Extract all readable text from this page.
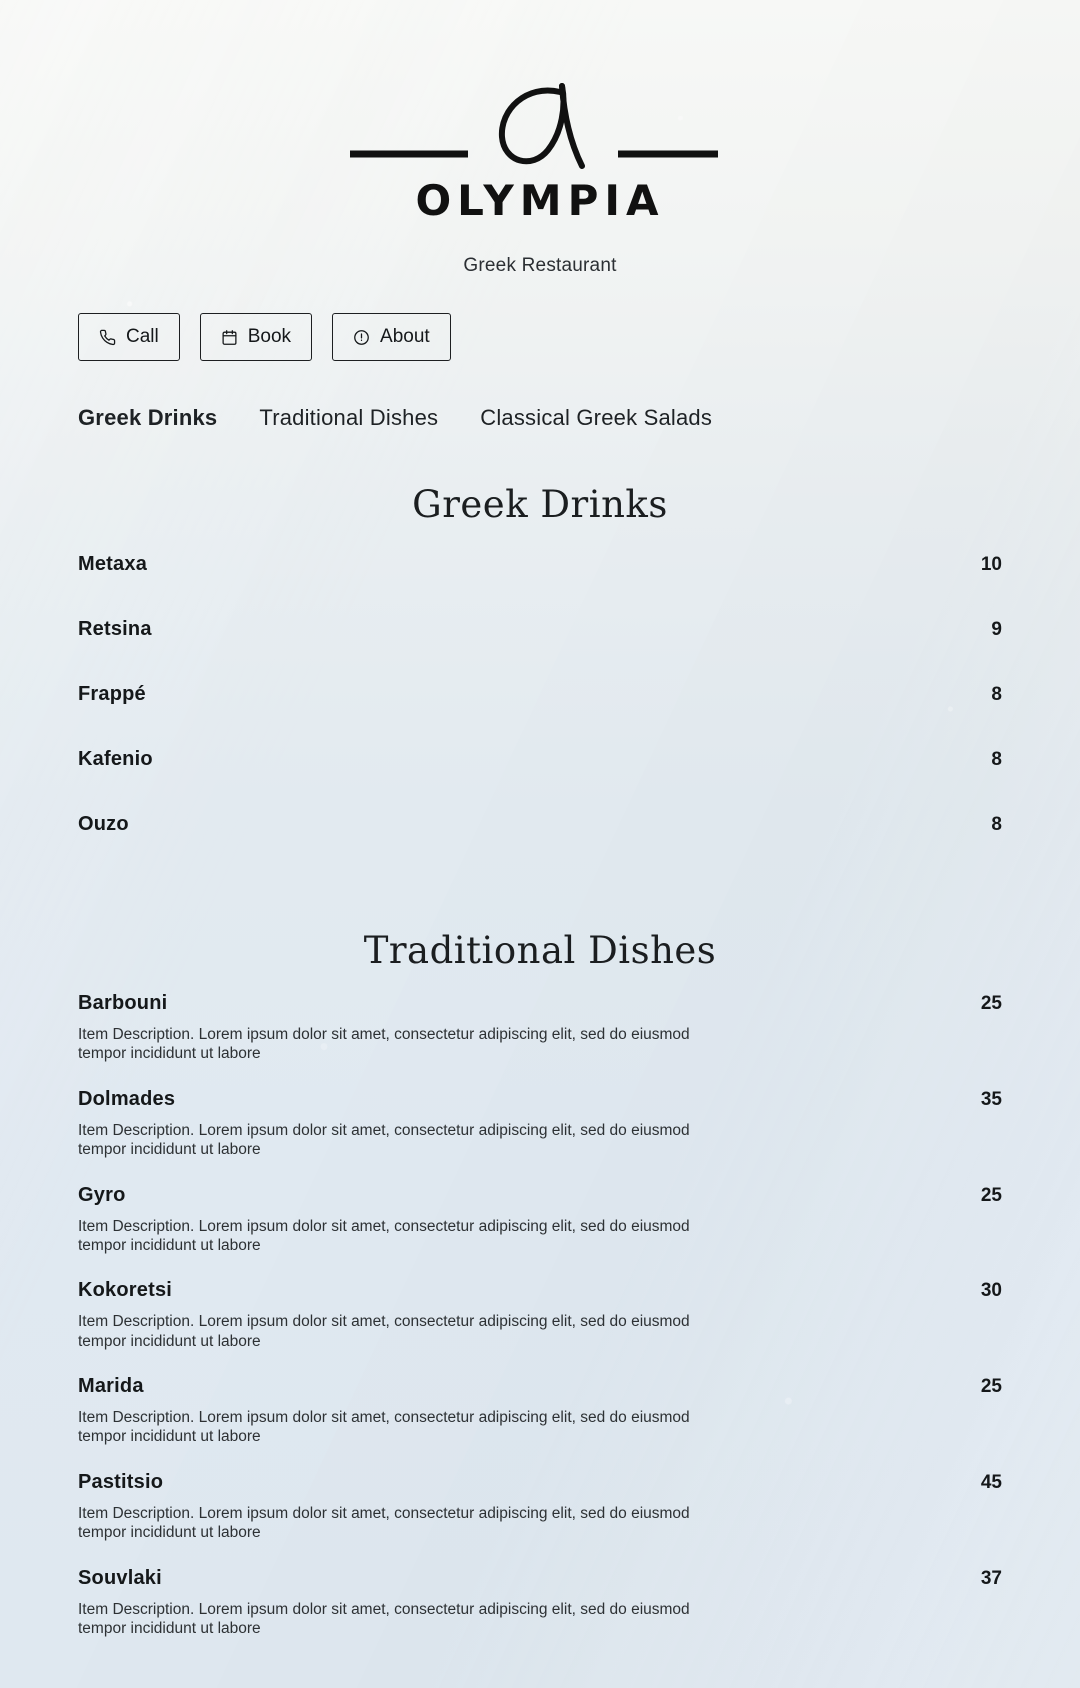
OLYMPIA
Greek Restaurant
Call	Book	About
Greek Drinks Traditional Dishes Classical Greek Salads
Greek Drinks
Metaxa	10
Retsina	9
Frappé	8
Kafenio	8
Ouzo	8
Traditional Dishes
Barbouni	25
Item Description. Lorem ipsum dolor sit amet, consectetur adipiscing elit, sed do eiusmod tempor incididunt ut labore
Dolmades	35
Item Description. Lorem ipsum dolor sit amet, consectetur adipiscing elit, sed do eiusmod tempor incididunt ut labore
Gyro	25
Item Description. Lorem ipsum dolor sit amet, consectetur adipiscing elit, sed do eiusmod tempor incididunt ut labore
Kokoretsi	30
Item Description. Lorem ipsum dolor sit amet, consectetur adipiscing elit, sed do eiusmod tempor incididunt ut labore
Marida	25
Item Description. Lorem ipsum dolor sit amet, consectetur adipiscing elit, sed do eiusmod tempor incididunt ut labore
Pastitsio	45
Item Description. Lorem ipsum dolor sit amet, consectetur adipiscing elit, sed do eiusmod tempor incididunt ut labore
Souvlaki	37
Item Description. Lorem ipsum dolor sit amet, consectetur adipiscing elit, sed do eiusmod tempor incididunt ut labore
